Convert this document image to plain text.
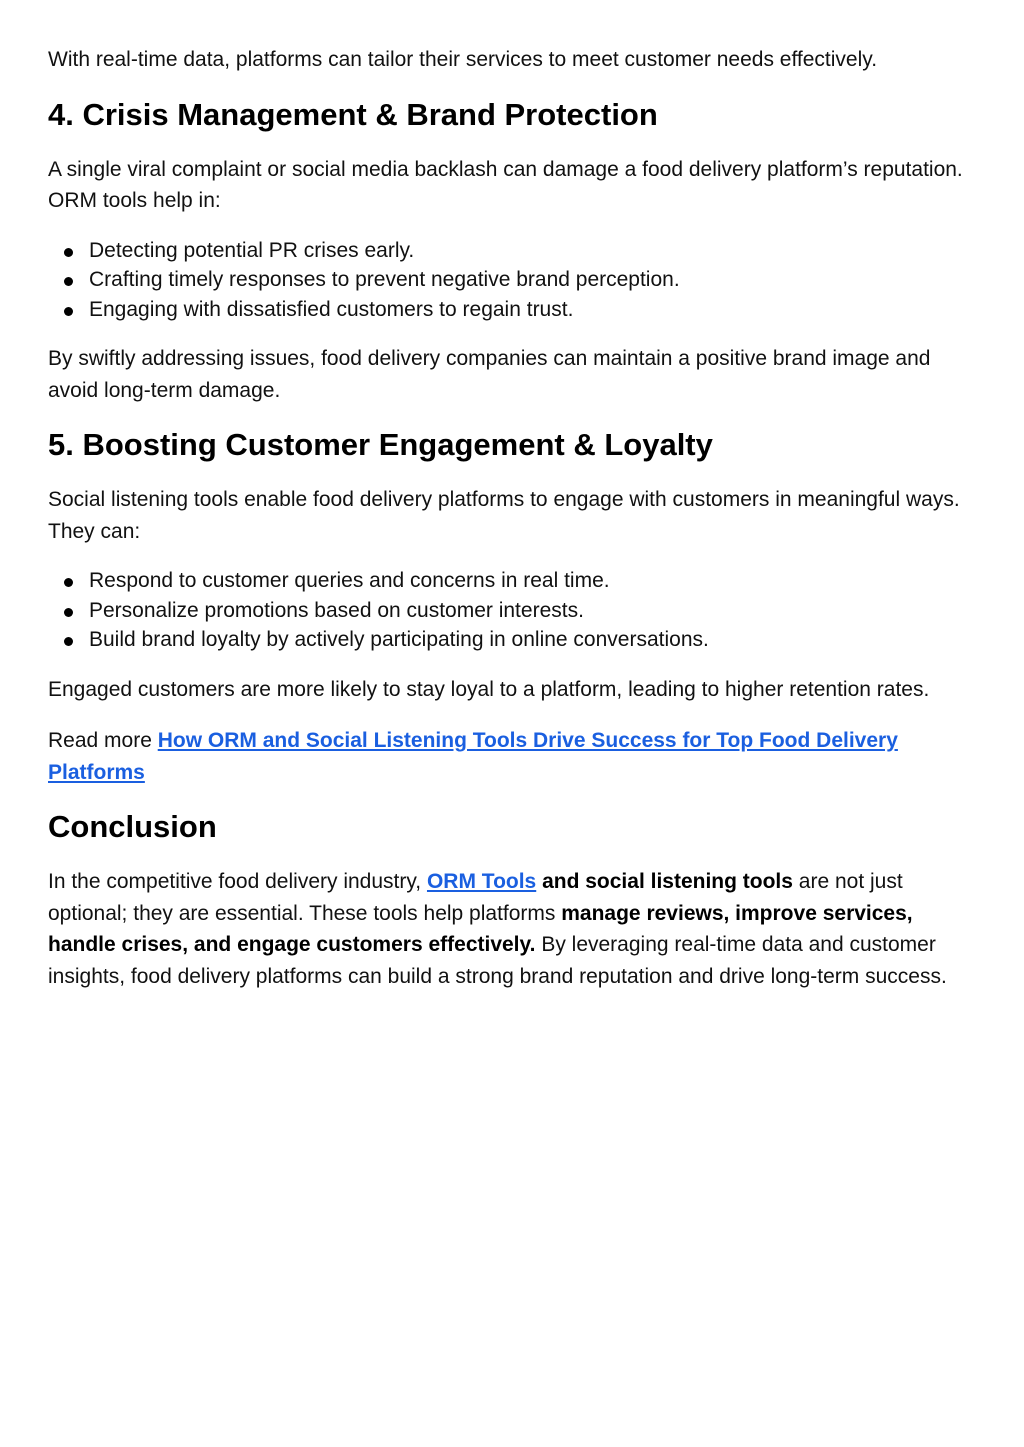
With real-time data, platforms can tailor their services to meet customer needs effectively.

4. Crisis Management & Brand Protection

A single viral complaint or social media backlash can damage a food delivery platform’s reputation. ORM tools help in:

Detecting potential PR crises early.
Crafting timely responses to prevent negative brand perception.
Engaging with dissatisfied customers to regain trust.

By swiftly addressing issues, food delivery companies can maintain a positive brand image and avoid long-term damage.

5. Boosting Customer Engagement & Loyalty

Social listening tools enable food delivery platforms to engage with customers in meaningful ways. They can:

Respond to customer queries and concerns in real time.
Personalize promotions based on customer interests.
Build brand loyalty by actively participating in online conversations.

Engaged customers are more likely to stay loyal to a platform, leading to higher retention rates.

Read more How ORM and Social Listening Tools Drive Success for Top Food Delivery Platforms

Conclusion

In the competitive food delivery industry, ORM Tools and social listening tools are not just optional; they are essential. These tools help platforms manage reviews, improve services, handle crises, and engage customers effectively. By leveraging real-time data and customer insights, food delivery platforms can build a strong brand reputation and drive long-term success.
